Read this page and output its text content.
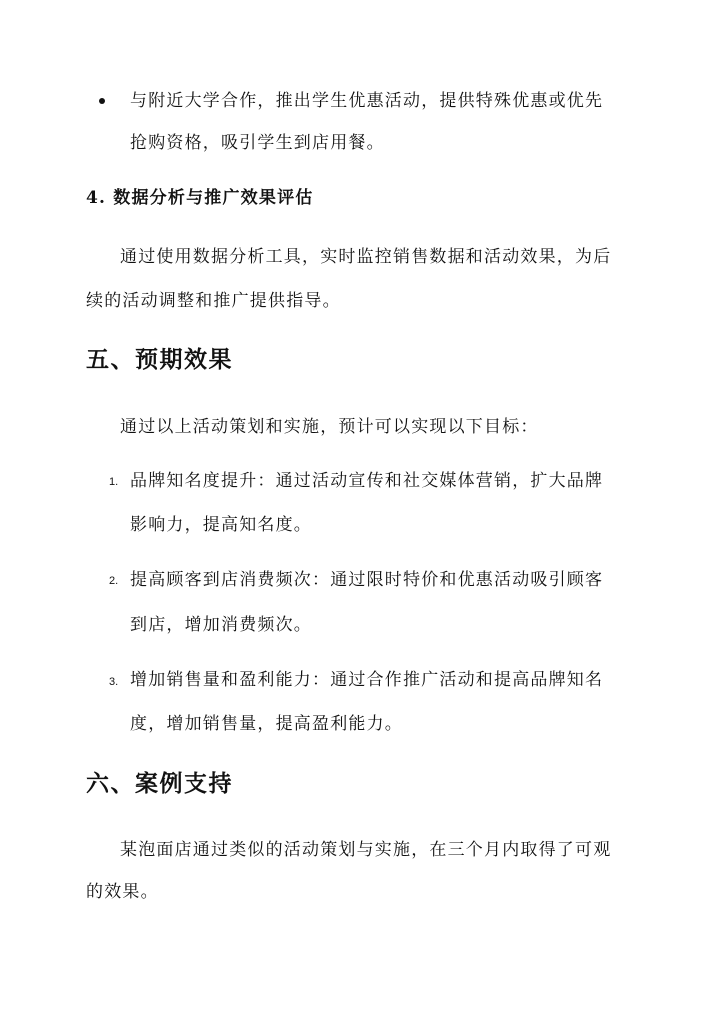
与附近大学合作，推出学生优惠活动，提供特殊优惠或优先
抢购资格，吸引学生到店用餐。
4. 数据分析与推广效果评估
通过使用数据分析工具，实时监控销售数据和活动效果，为后
续的活动调整和推广提供指导。
五、预期效果
通过以上活动策划和实施，预计可以实现以下目标：
1. 品牌知名度提升：通过活动宣传和社交媒体营销，扩大品牌
影响力，提高知名度。
2. 提高顾客到店消费频次：通过限时特价和优惠活动吸引顾客
到店，增加消费频次。
3. 增加销售量和盈利能力：通过合作推广活动和提高品牌知名
度，增加销售量，提高盈利能力。
六、案例支持
某泡面店通过类似的活动策划与实施，在三个月内取得了可观
的效果。
